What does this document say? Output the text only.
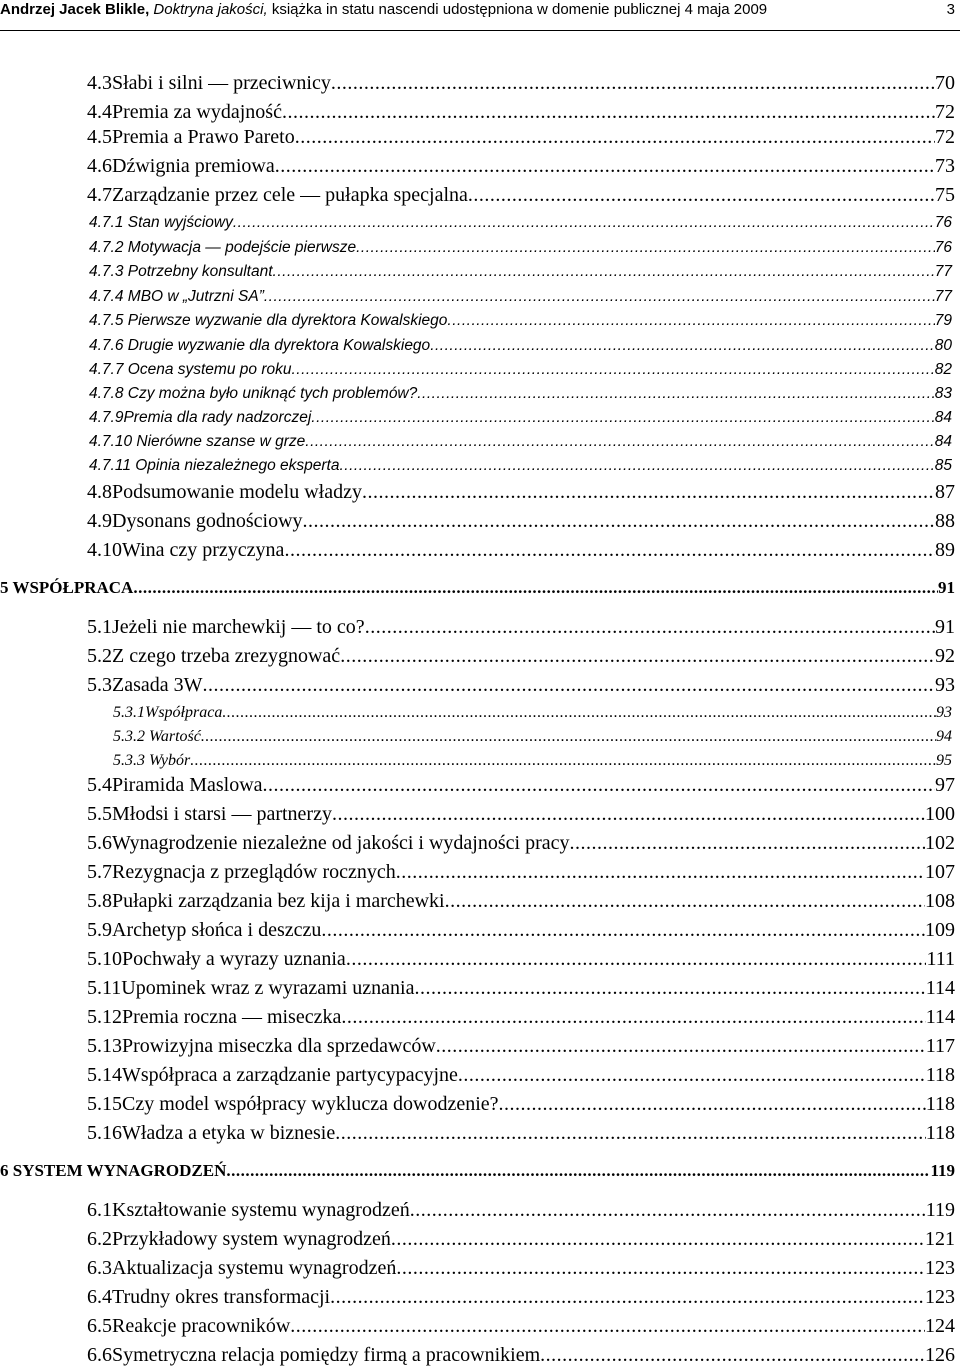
Andrzej Jacek Blikle, Doktryna jakości, książka in statu nascendi udostępniona w domenie publicznej 4 maja 2009	3
4.3Słabi i silni ― przeciwnicy .....	70
4.4Premia za wydajność .....	72
4.5Premia a Prawo Pareto .....	72
4.6Dźwignia premiowa .....	73
4.7Zarządzanie przez cele ― pułapka specjalna .....	75
4.7.1 Stan wyjściowy .....	76
4.7.2 Motywacja ― podejście pierwsze .....	76
4.7.3 Potrzebny konsultant .....	77
4.7.4 MBO w „Jutrzni SA” .....	77
4.7.5 Pierwsze wyzwanie dla dyrektora Kowalskiego .....	79
4.7.6 Drugie wyzwanie dla dyrektora Kowalskiego .....	80
4.7.7 Ocena systemu po roku .....	82
4.7.8 Czy można było uniknąć tych problemów? .....	83
4.7.9Premia dla rady nadzorczej .....	84
4.7.10 Nierówne szanse w grze .....	84
4.7.11 Opinia niezależnego eksperta .....	85
4.8Podsumowanie modelu władzy .....	87
4.9Dysonans godnościowy .....	88
4.10Wina czy przyczyna .....	89
5 WSPÓŁPRACA .....	91
5.1Jeżeli nie marchewkij ― to co? .....	91
5.2Z czego trzeba zrezygnować .....	92
5.3Zasada 3W .....	93
5.3.1Współpraca .....	93
5.3.2 Wartość .....	94
5.3.3 Wybór .....	95
5.4Piramida Maslowa .....	97
5.5Młodsi i starsi ― partnerzy .....	100
5.6Wynagrodzenie niezależne od jakości i wydajności pracy .....	102
5.7Rezygnacja z przeglądów rocznych .....	107
5.8Pułapki zarządzania bez kija i marchewki .....	108
5.9Archetyp słońca i deszczu .....	109
5.10Pochwały a wyrazy uznania .....	111
5.11Upominek wraz z wyrazami uznania .....	114
5.12Premia roczna ― miseczka .....	114
5.13Prowizyjna miseczka dla sprzedawców .....	117
5.14Współpraca a zarządzanie partycypacyjne .....	118
5.15Czy model współpracy wyklucza dowodzenie? .....	118
5.16Władza a etyka w biznesie .....	118
6 SYSTEM WYNAGRODZEŃ .....	119
6.1Kształtowanie systemu wynagrodzeń .....	119
6.2Przykładowy system wynagrodzeń .....	121
6.3Aktualizacja systemu wynagrodzeń .....	123
6.4Trudny okres transformacji .....	123
6.5Reakcje pracowników .....	124
6.6Symetryczna relacja pomiędzy firmą a pracownikiem .....	126
